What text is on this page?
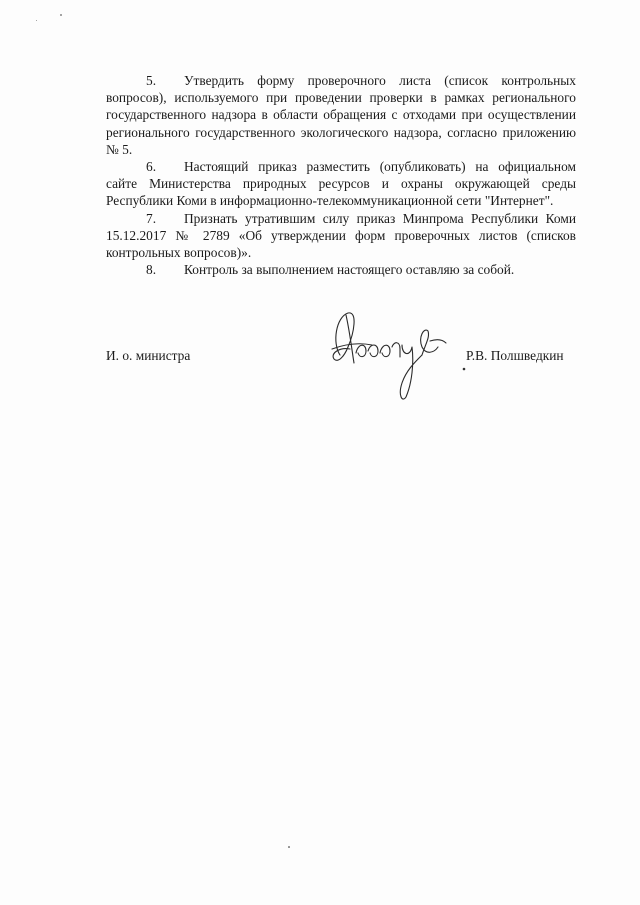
5. Утвердить форму проверочного листа (список контрольных вопросов), используемого при проведении проверки в рамках регионального государственного надзора в области обращения с отходами при осуществлении регионального государственного экологического надзора, согласно приложению № 5.

6. Настоящий приказ разместить (опубликовать) на официальном сайте Министерства природных ресурсов и охраны окружающей среды Республики Коми в информационно-телекоммуникационной сети "Интернет".

7. Признать утратившим силу приказ Минпрома Республики Коми 15.12.2017 № 2789 «Об утверждении форм проверочных листов (списков контрольных вопросов)».

8. Контроль за выполнением настоящего оставляю за собой.

И. о. министра	Р.В. Полшведкин
